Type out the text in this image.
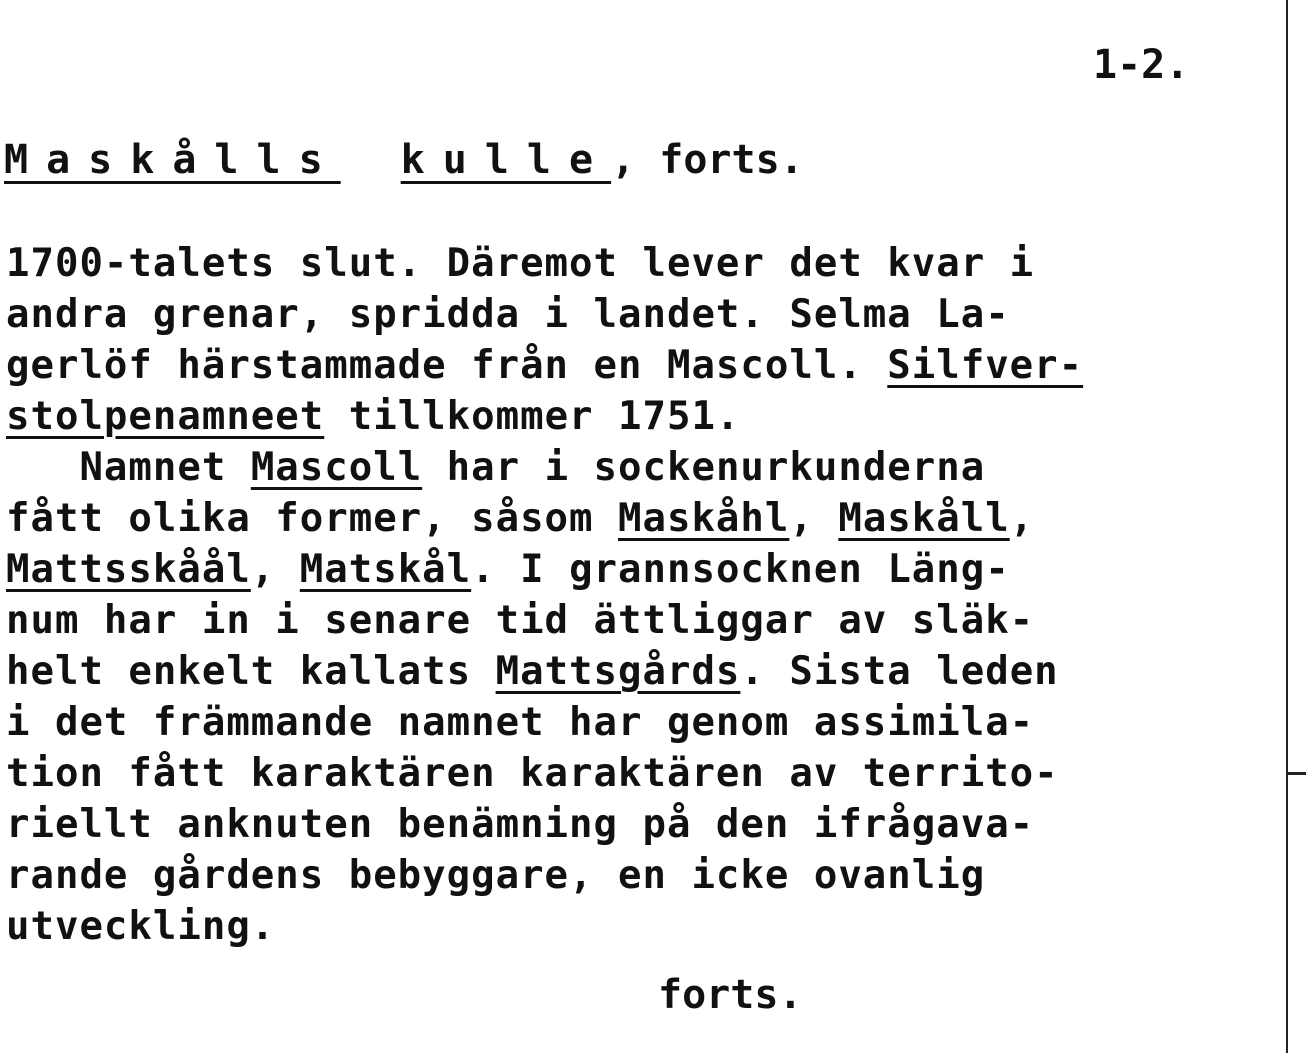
1-2.
Maskålls kulle, forts.
1700-talets slut. Däremot lever det kvar i
andra grenar, spridda i landet. Selma La-
gerlöf härstammade från en Mascoll. Silfver-
stolpenamneet tillkommer 1751.
Namnet Mascoll har i sockenurkunderna
fått olika former, såsom Maskåhl, Maskåll,
Mattsskåål, Matskål. I grannsocknen Läng-
num har in i senare tid ättliggar av släk-
helt enkelt kallats Mattsgårds. Sista leden
i det främmande namnet har genom assimila-
tion fått karaktären karaktären av territo-
riellt anknuten benämning på den ifrågava-
rande gårdens bebyggare, en icke ovanlig
utveckling.
forts.
